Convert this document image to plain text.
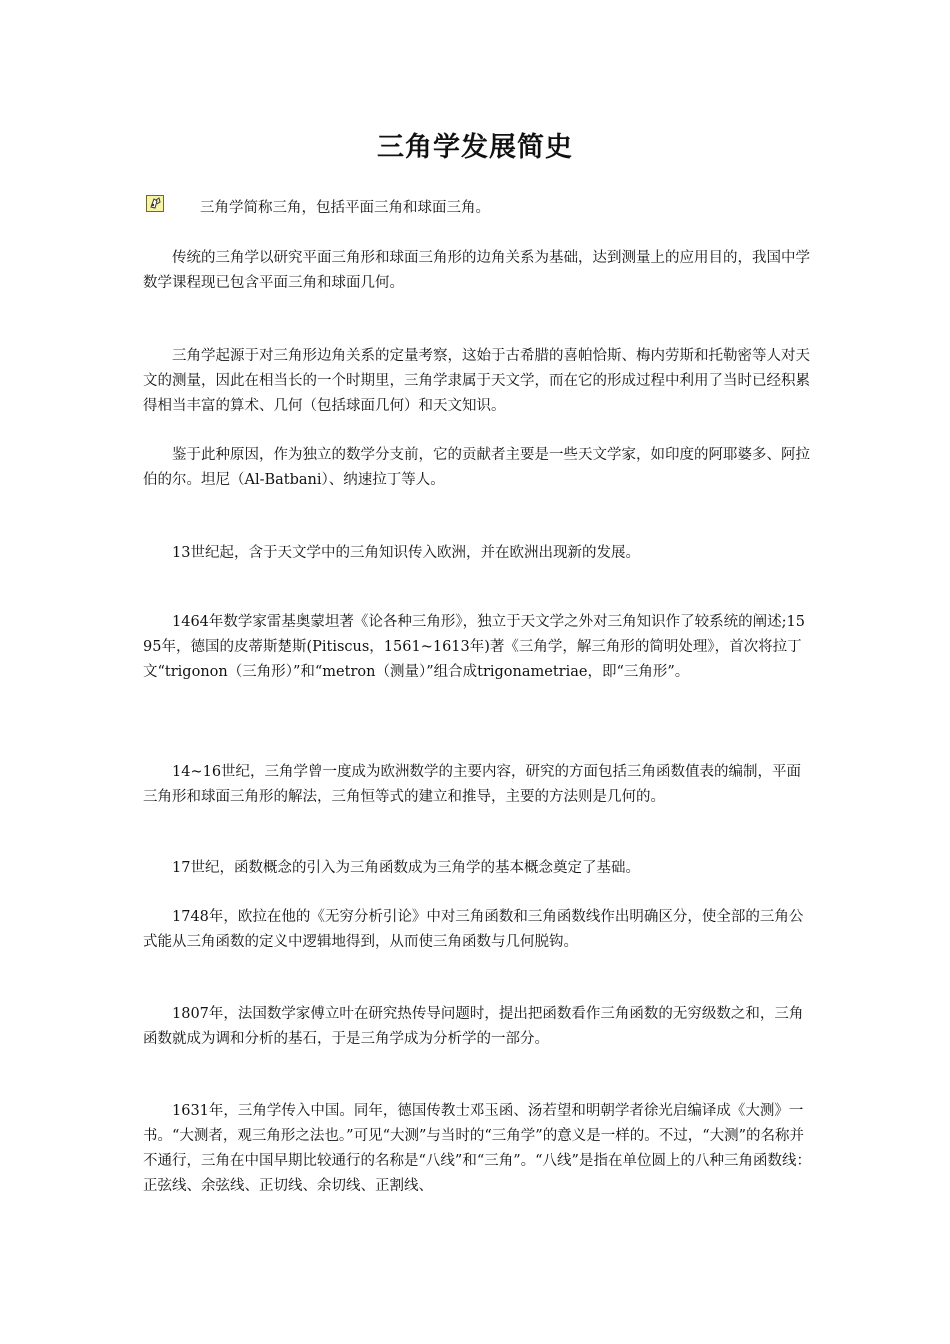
三角学发展简史

三角学简称三角，包括平面三角和球面三角。

传统的三角学以研究平面三角形和球面三角形的边角关系为基础，达到测量上的应用目的，我国中学数学课程现已包含平面三角和球面几何。

三角学起源于对三角形边角关系的定量考察，这始于古希腊的喜帕恰斯、梅内劳斯和托勒密等人对天文的测量，因此在相当长的一个时期里，三角学隶属于天文学，而在它的形成过程中利用了当时已经积累得相当丰富的算术、几何（包括球面几何）和天文知识。

鉴于此种原因，作为独立的数学分支前，它的贡献者主要是一些天文学家，如印度的阿耶婆多、阿拉伯的尔。坦尼（Al-Batbani）、纳速拉丁等人。

13世纪起，含于天文学中的三角知识传入欧洲，并在欧洲出现新的发展。

1464年数学家雷基奥蒙坦著《论各种三角形》，独立于天文学之外对三角知识作了较系统的阐述;1595年，德国的皮蒂斯楚斯(Pitiscus，1561~1613年)著《三角学，解三角形的简明处理》，首次将拉丁文“trigonon（三角形）”和“metron（测量）”组合成trigonametriae，即“三角形”。

14~16世纪，三角学曾一度成为欧洲数学的主要内容，研究的方面包括三角函数值表的编制，平面三角形和球面三角形的解法，三角恒等式的建立和推导，主要的方法则是几何的。

17世纪，函数概念的引入为三角函数成为三角学的基本概念奠定了基础。

1748年，欧拉在他的《无穷分析引论》中对三角函数和三角函数线作出明确区分，使全部的三角公式能从三角函数的定义中逻辑地得到，从而使三角函数与几何脱钩。

1807年，法国数学家傅立叶在研究热传导问题时，提出把函数看作三角函数的无穷级数之和，三角函数就成为调和分析的基石，于是三角学成为分析学的一部分。

1631年，三角学传入中国。同年，德国传教士邓玉函、汤若望和明朝学者徐光启编译成《大测》一书。“大测者，观三角形之法也。”可见“大测”与当时的“三角学”的意义是一样的。不过，“大测”的名称并不通行，三角在中国早期比较通行的名称是“八线”和“三角”。“八线”是指在单位圆上的八种三角函数线：正弦线、余弦线、正切线、余切线、正割线、
